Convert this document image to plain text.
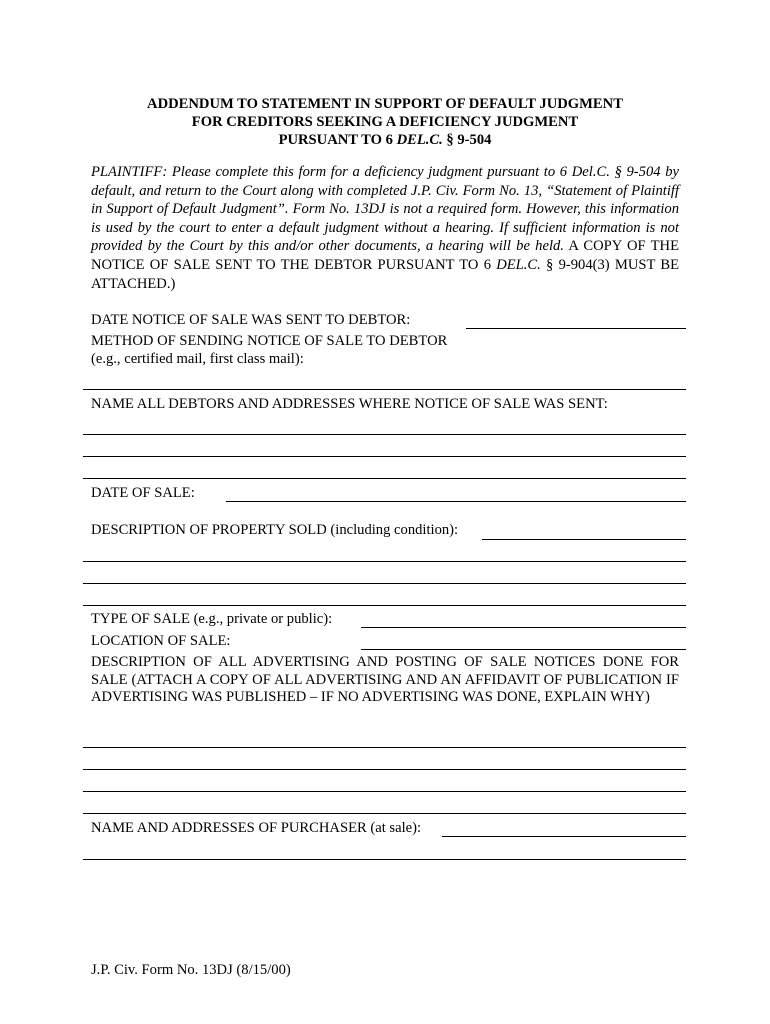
ADDENDUM TO STATEMENT IN SUPPORT OF DEFAULT JUDGMENT
FOR CREDITORS SEEKING A DEFICIENCY JUDGMENT
PURSUANT TO 6 DEL.C. § 9-504
PLAINTIFF: Please complete this form for a deficiency judgment pursuant to 6 Del.C. § 9-504 by default, and return to the Court along with completed J.P. Civ. Form No. 13, “Statement of Plaintiff in Support of Default Judgment”. Form No. 13DJ is not a required form. However, this information is used by the court to enter a default judgment without a hearing. If sufficient information is not provided by the Court by this and/or other documents, a hearing will be held. A COPY OF THE NOTICE OF SALE SENT TO THE DEBTOR PURSUANT TO 6 DEL.C. § 9-904(3) MUST BE ATTACHED.)
DATE NOTICE OF SALE WAS SENT TO DEBTOR:
METHOD OF SENDING NOTICE OF SALE TO DEBTOR
(e.g., certified mail, first class mail):
NAME ALL DEBTORS AND ADDRESSES WHERE NOTICE OF SALE WAS SENT:
DATE OF SALE:
DESCRIPTION OF PROPERTY SOLD (including condition):
TYPE OF SALE (e.g., private or public):
LOCATION OF SALE:
DESCRIPTION OF ALL ADVERTISING AND POSTING OF SALE NOTICES DONE FOR SALE (ATTACH A COPY OF ALL ADVERTISING AND AN AFFIDAVIT OF PUBLICATION IF ADVERTISING WAS PUBLISHED – IF NO ADVERTISING WAS DONE, EXPLAIN WHY)
NAME AND ADDRESSES OF PURCHASER (at sale):
J.P. Civ. Form No. 13DJ (8/15/00)
